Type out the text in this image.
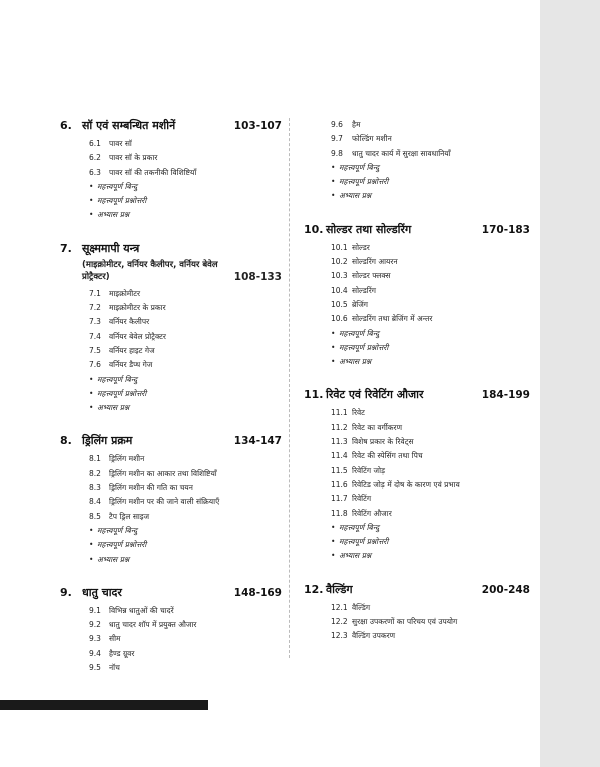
6. सॉ एवं सम्बन्धित मशीनें	103-107
6.1 पावर सॉ
6.2 पावर सॉ के प्रकार
6.3 पावर सॉ की तकनीकी विशिष्टियाँ
• महत्त्वपूर्ण बिन्दु
• महत्त्वपूर्ण प्रश्नोत्तरी
• अभ्यास प्रश्न
7. सूक्ष्ममापी यन्त्र
(माइक्रोमीटर, वर्नियर कैलीपर, वर्नियर बेवेल प्रोट्रैक्टर)	108-133
7.1 माइक्रोमीटर
7.2 माइक्रोमीटर के प्रकार
7.3 वर्नियर कैलीपर
7.4 वर्नियर बेवेल प्रोट्रैक्टर
7.5 वर्नियर हाइट गेज
7.6 वर्नियर डैप्थ गेज
• महत्त्वपूर्ण बिन्दु
• महत्त्वपूर्ण प्रश्नोत्तरी
• अभ्यास प्रश्न
8. ड्रिलिंग प्रक्रम	134-147
8.1 ड्रिलिंग मशीन
8.2 ड्रिलिंग मशीन का आकार तथा विशिष्टियाँ
8.3 ड्रिलिंग मशीन की गति का चयन
8.4 ड्रिलिंग मशीन पर की जाने वाली संक्रियाएँ
8.5 टैप ड्रिल साइज
• महत्त्वपूर्ण बिन्दु
• महत्त्वपूर्ण प्रश्नोत्तरी
• अभ्यास प्रश्न
9. धातु चादर	148-169
9.1 विभिन्न धातुओं की चादरें
9.2 धातु चादर शॉप में प्रयुक्त औजार
9.3 सीम
9.4 हैण्ड ग्रूवर
9.5 नॉच
9.6 हैम
9.7 फोल्डिंग मशीन
9.8 धातु चादर कार्य में सुरक्षा सावधानियाँ
• महत्त्वपूर्ण बिन्दु
• महत्त्वपूर्ण प्रश्नोत्तरी
• अभ्यास प्रश्न
10. सोल्डर तथा सोल्डरिंग	170-183
10.1 सोल्डर
10.2 सोल्डरिंग आयरन
10.3 सोल्डर फ्लक्स
10.4 सोल्डरिंग
10.5 ब्रेजिंग
10.6 सोल्डरिंग तथा ब्रेजिंग में अन्तर
• महत्त्वपूर्ण बिन्दु
• महत्त्वपूर्ण प्रश्नोत्तरी
• अभ्यास प्रश्न
11. रिवेट एवं रिवेटिंग औजार	184-199
11.1 रिवेट
11.2 रिवेट का वर्गीकरण
11.3 विशेष प्रकार के रिवेट्स
11.4 रिवेट की स्पेसिंग तथा पिच
11.5 रिवेटिंग जोड़
11.6 रिवेटिड जोड़ में दोष के कारण एवं प्रभाव
11.7 रिवेटिंग
11.8 रिवेटिंग औजार
• महत्त्वपूर्ण बिन्दु
• महत्त्वपूर्ण प्रश्नोत्तरी
• अभ्यास प्रश्न
12. वैल्डिंग	200-248
12.1 वैल्डिंग
12.2 सुरक्षा उपकरणों का परिचय एवं उपयोग
12.3 वैल्डिंग उपकरण
